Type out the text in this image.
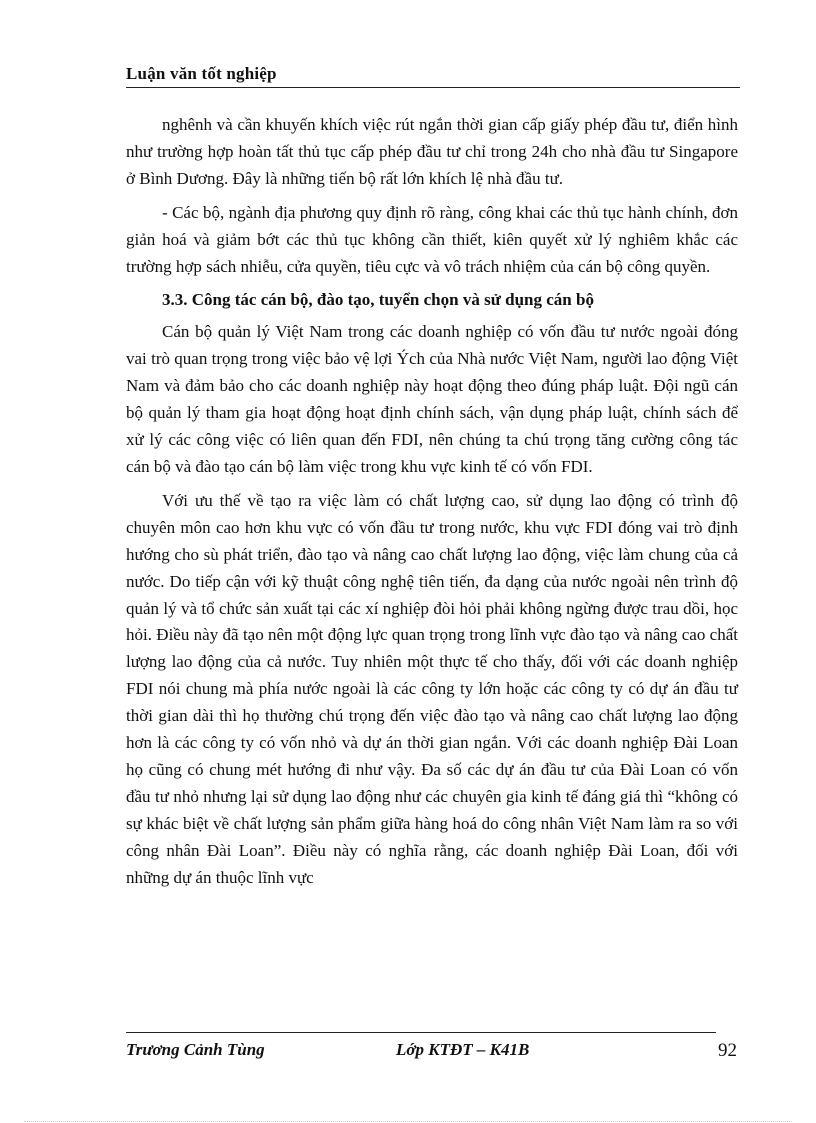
Luận văn tốt nghiệp

nghênh và cần khuyến khích việc rút ngắn thời gian cấp giấy phép đầu tư, điển hình như trường hợp hoàn tất thủ tục cấp phép đầu tư chỉ trong 24h cho nhà đầu tư Singapore ở Bình Dương. Đây là những tiến bộ rất lớn khích lệ nhà đầu tư.

- Các bộ, ngành địa phương quy định rõ ràng, công khai các thủ tục hành chính, đơn giản hoá và giảm bớt các thủ tục không cần thiết, kiên quyết xử lý nghiêm khắc các trường hợp sách nhiễu, cửa quyền, tiêu cực và vô trách nhiệm của cán bộ công quyền.

3.3. Công tác cán bộ, đào tạo, tuyển chọn và sử dụng cán bộ

Cán bộ quản lý Việt Nam trong các doanh nghiệp có vốn đầu tư nước ngoài đóng vai trò quan trọng trong việc bảo vệ lợi Ých của Nhà nước Việt Nam, người lao động Việt Nam và đảm bảo cho các doanh nghiệp này hoạt động theo đúng pháp luật. Đội ngũ cán bộ quản lý tham gia hoạt động hoạt định chính sách, vận dụng pháp luật, chính sách để xử lý các công việc có liên quan đến FDI, nên chúng ta chú trọng tăng cường công tác cán bộ và đào tạo cán bộ làm việc trong khu vực kinh tế có vốn FDI.

Với ưu thế về tạo ra việc làm có chất lượng cao, sử dụng lao động có trình độ chuyên môn cao hơn khu vực có vốn đầu tư trong nước, khu vực FDI đóng vai trò định hướng cho sù phát triển, đào tạo và nâng cao chất lượng lao động, việc làm chung của cả nước. Do tiếp cận với kỹ thuật công nghệ tiên tiến, đa dạng của nước ngoài nên trình độ quản lý và tổ chức sản xuất tại các xí nghiệp đòi hỏi phải không ngừng được trau dồi, học hỏi. Điều này đã tạo nên một động lực quan trọng trong lĩnh vực đào tạo và nâng cao chất lượng lao động của cả nước. Tuy nhiên một thực tế cho thấy, đối với các doanh nghiệp FDI nói chung mà phía nước ngoài là các công ty lớn hoặc các công ty có dự án đầu tư thời gian dài thì họ thường chú trọng đến việc đào tạo và nâng cao chất lượng lao động hơn là các công ty có vốn nhỏ và dự án thời gian ngắn. Với các doanh nghiệp Đài Loan họ cũng có chung mét hướng đi như vậy. Đa số các dự án đầu tư của Đài Loan có vốn đầu tư nhỏ nhưng lại sử dụng lao động như các chuyên gia kinh tế đáng giá thì “không có sự khác biệt về chất lượng sản phẩm giữa hàng hoá do công nhân Việt Nam làm ra so với công nhân Đài Loan”. Điều này có nghĩa rằng, các doanh nghiệp Đài Loan, đối với những dự án thuộc lĩnh vực

Trương Cảnh Tùng	Lớp KTĐT – K41B	92
